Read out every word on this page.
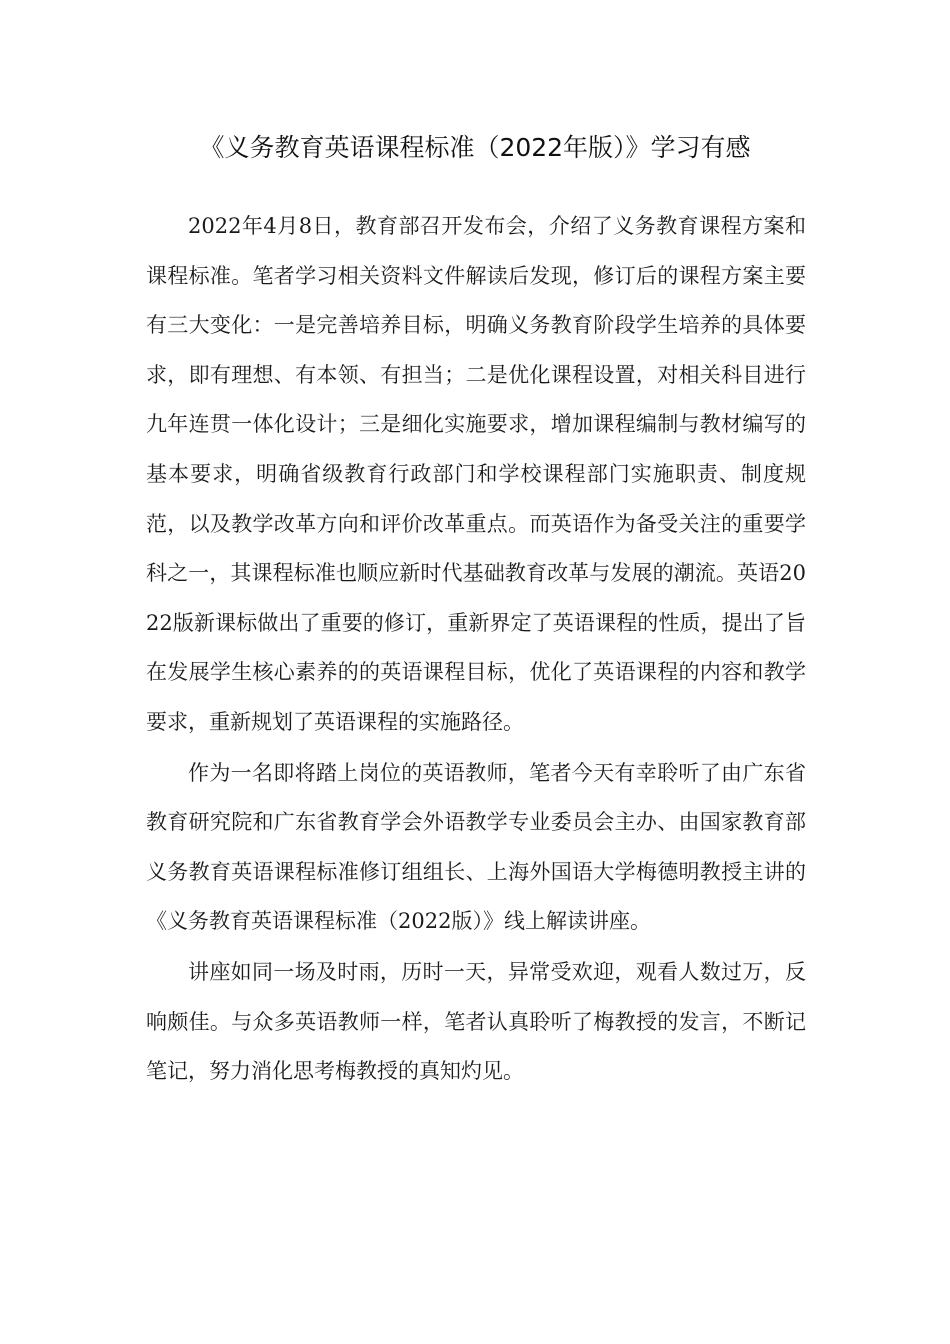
《义务教育英语课程标准（2022年版）》学习有感

2022年4月8日，教育部召开发布会，介绍了义务教育课程方案和课程标准。笔者学习相关资料文件解读后发现，修订后的课程方案主要有三大变化：一是完善培养目标，明确义务教育阶段学生培养的具体要求，即有理想、有本领、有担当；二是优化课程设置，对相关科目进行九年连贯一体化设计；三是细化实施要求，增加课程编制与教材编写的基本要求，明确省级教育行政部门和学校课程部门实施职责、制度规范，以及教学改革方向和评价改革重点。而英语作为备受关注的重要学科之一，其课程标准也顺应新时代基础教育改革与发展的潮流。英语2022版新课标做出了重要的修订，重新界定了英语课程的性质，提出了旨在发展学生核心素养的的英语课程目标，优化了英语课程的内容和教学要求，重新规划了英语课程的实施路径。

作为一名即将踏上岗位的英语教师，笔者今天有幸聆听了由广东省教育研究院和广东省教育学会外语教学专业委员会主办、由国家教育部义务教育英语课程标准修订组组长、上海外国语大学梅德明教授主讲的《义务教育英语课程标准（2022版）》线上解读讲座。

讲座如同一场及时雨，历时一天，异常受欢迎，观看人数过万，反响颇佳。与众多英语教师一样，笔者认真聆听了梅教授的发言，不断记笔记，努力消化思考梅教授的真知灼见。
